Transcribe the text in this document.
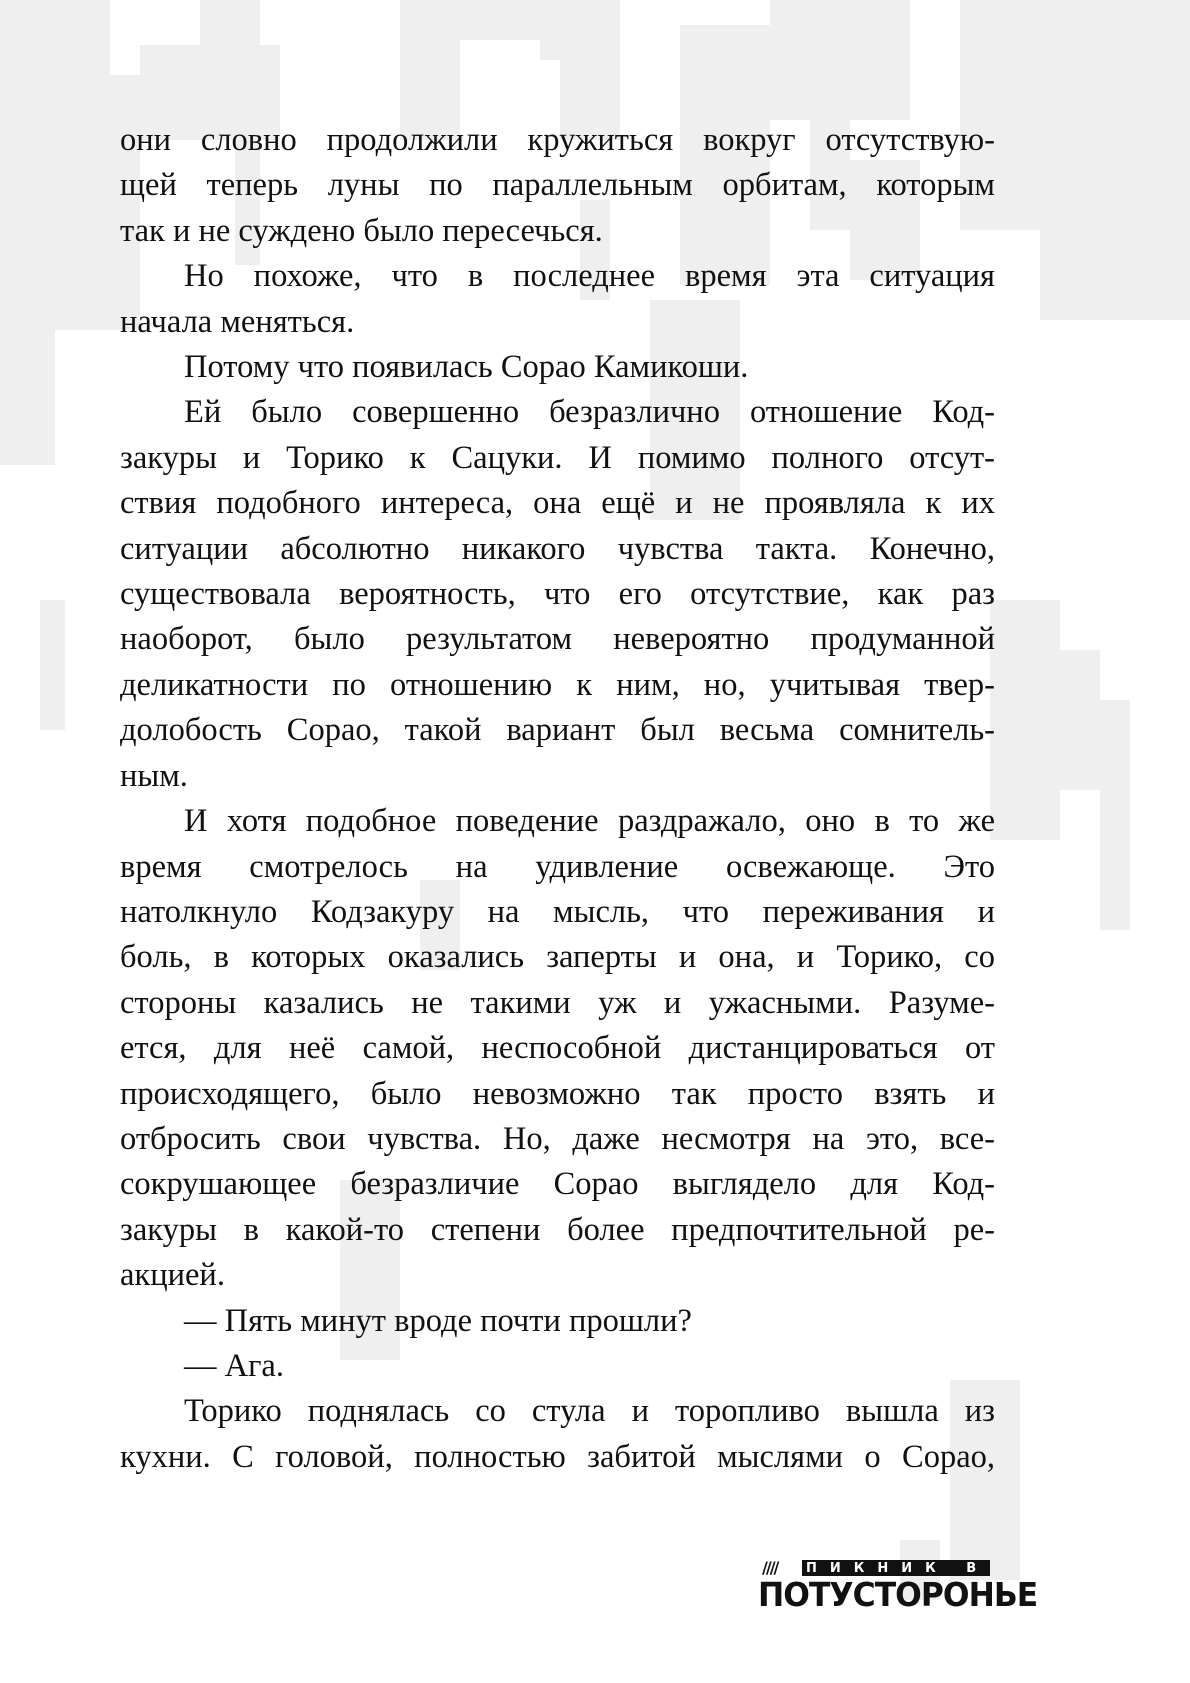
они словно продолжили кружиться вокруг отсутствую-
щей теперь луны по параллельным орбитам, которым
так и не суждено было пересечься.
Но похоже, что в последнее время эта ситуация
начала меняться.
Потому что появилась Сорао Камикоши.
Ей было совершенно безразлично отношение Код-
закуры и Торико к Сацуки. И помимо полного отсут-
ствия подобного интереса, она ещё и не проявляла к их
ситуации абсолютно никакого чувства такта. Конечно,
существовала вероятность, что его отсутствие, как раз
наоборот, было результатом невероятно продуманной
деликатности по отношению к ним, но, учитывая твер-
долобость Сорао, такой вариант был весьма сомнитель-
ным.
И хотя подобное поведение раздражало, оно в то же
время смотрелось на удивление освежающе. Это
натолкнуло Кодзакуру на мысль, что переживания и
боль, в которых оказались заперты и она, и Торико, со
стороны казались не такими уж и ужасными. Разуме-
ется, для неё самой, неспособной дистанцироваться от
происходящего, было невозможно так просто взять и
отбросить свои чувства. Но, даже несмотря на это, все-
сокрушающее безразличие Сорао выглядело для Код-
закуры в какой-то степени более предпочтительной ре-
акцией.
— Пять минут вроде почти прошли?
— Ага.
Торико поднялась со стула и торопливо вышла из
кухни. С головой, полностью забитой мыслями о Сорао,
//// ПИКНИК В
ПОТУСТОРОНЬЕ
